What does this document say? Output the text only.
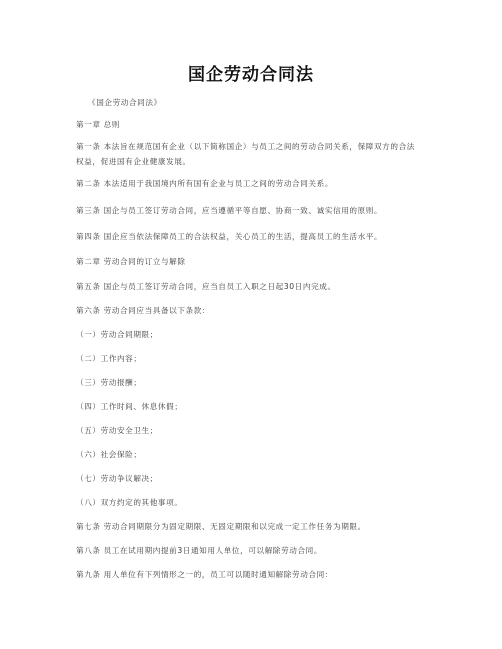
国企劳动合同法
《国企劳动合同法》
第一章 总则
第一条 本法旨在规范国有企业（以下简称国企）与员工之间的劳动合同关系，保障双方的合法权益，促进国有企业健康发展。
第二条 本法适用于我国境内所有国有企业与员工之间的劳动合同关系。
第三条 国企与员工签订劳动合同，应当遵循平等自愿、协商一致、诚实信用的原则。
第四条 国企应当依法保障员工的合法权益，关心员工的生活，提高员工的生活水平。
第二章 劳动合同的订立与解除
第五条 国企与员工签订劳动合同，应当自员工入职之日起30日内完成。
第六条 劳动合同应当具备以下条款：
（一）劳动合同期限；
（二）工作内容；
（三）劳动报酬；
（四）工作时间、休息休假；
（五）劳动安全卫生；
（六）社会保险；
（七）劳动争议解决；
（八）双方约定的其他事项。
第七条 劳动合同期限分为固定期限、无固定期限和以完成一定工作任务为期限。
第八条 员工在试用期内提前3日通知用人单位，可以解除劳动合同。
第九条 用人单位有下列情形之一的，员工可以随时通知解除劳动合同：
